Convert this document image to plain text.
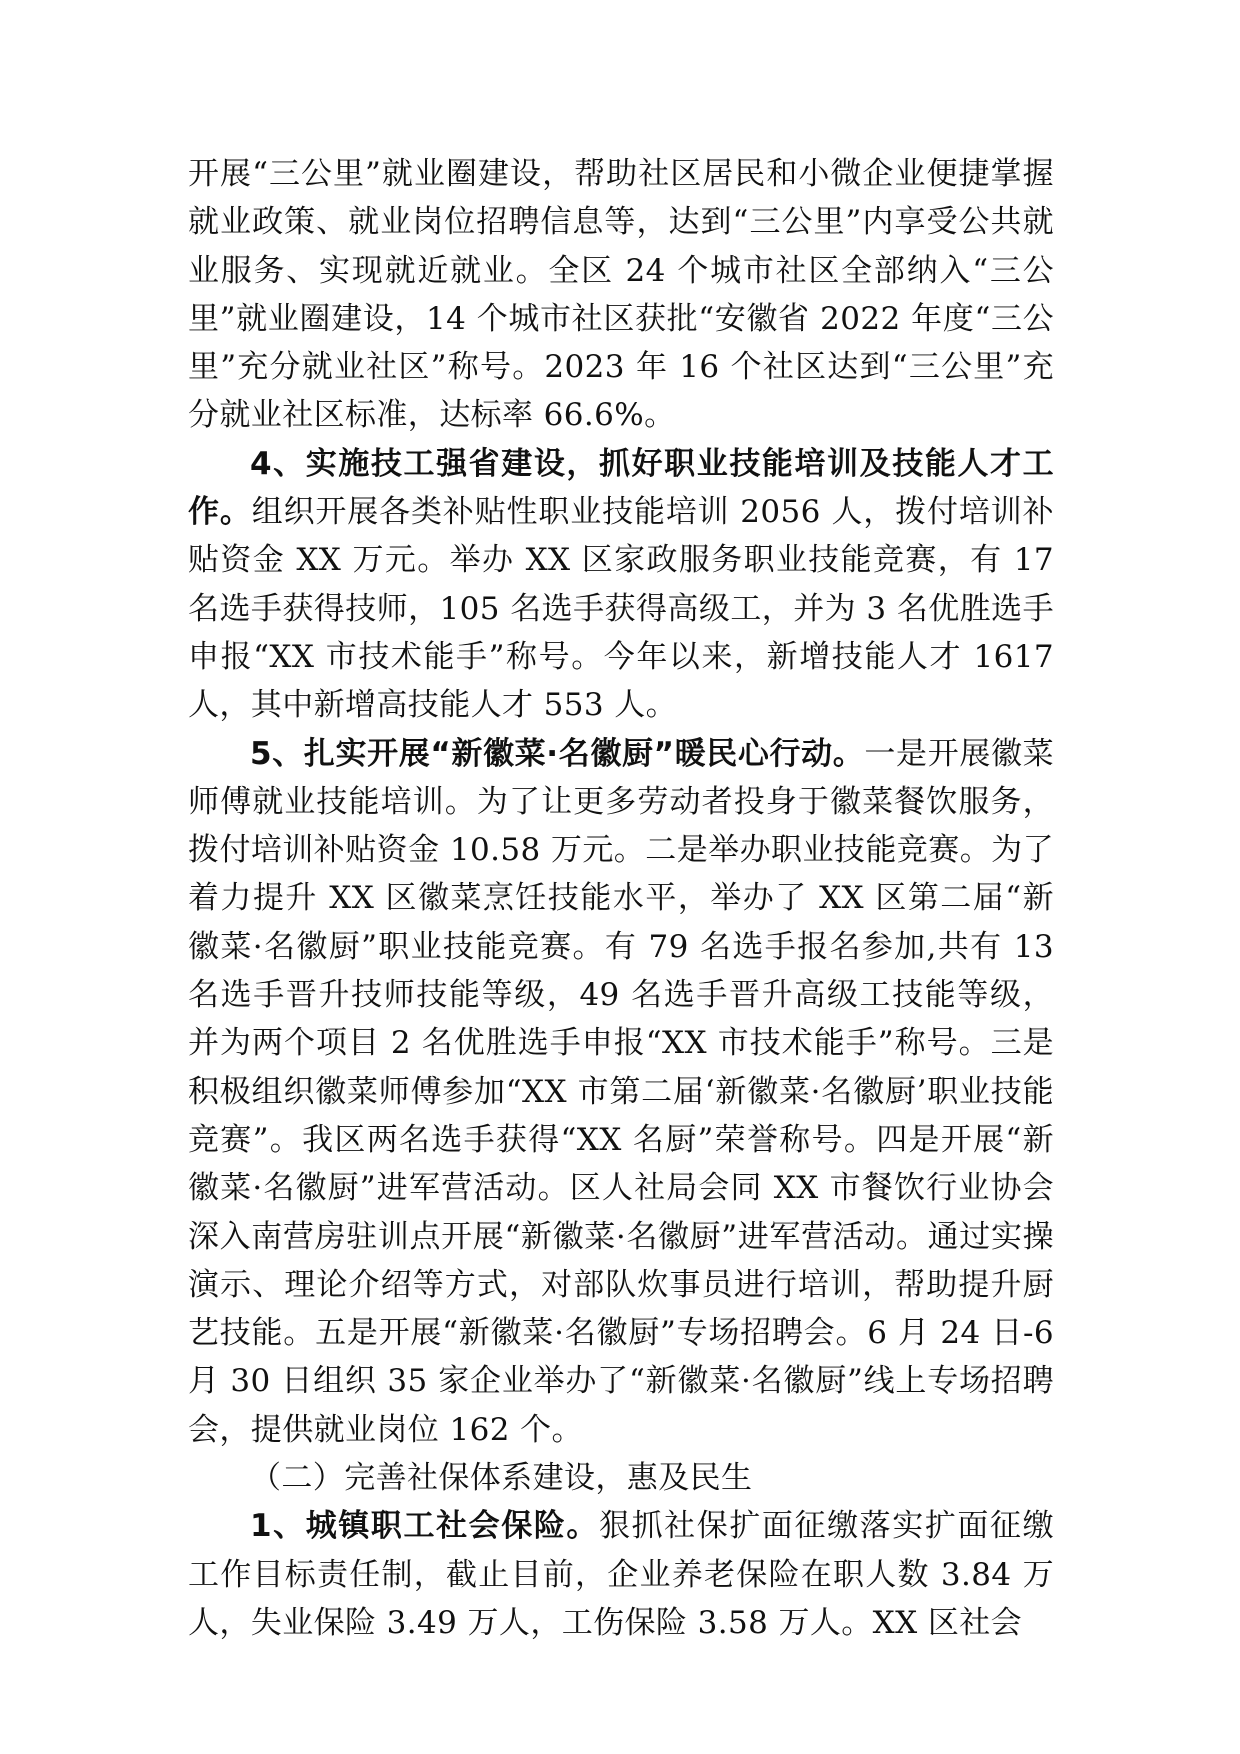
开展“三公里”就业圈建设，帮助社区居民和小微企业便捷掌握就业政策、就业岗位招聘信息等，达到“三公里”内享受公共就业服务、实现就近就业。全区 24 个城市社区全部纳入“三公里”就业圈建设，14 个城市社区获批“安徽省 2022 年度“三公里”充分就业社区”称号。2023 年 16 个社区达到“三公里”充分就业社区标准，达标率 66.6%。

4、实施技工强省建设，抓好职业技能培训及技能人才工作。组织开展各类补贴性职业技能培训 2056 人，拨付培训补贴资金 XX 万元。举办 XX 区家政服务职业技能竞赛，有 17 名选手获得技师，105 名选手获得高级工，并为 3 名优胜选手申报“XX 市技术能手”称号。今年以来，新增技能人才 1617 人，其中新增高技能人才 553 人。

5、扎实开展“新徽菜·名徽厨”暖民心行动。一是开展徽菜师傅就业技能培训。为了让更多劳动者投身于徽菜餐饮服务，拨付培训补贴资金 10.58 万元。二是举办职业技能竞赛。为了着力提升 XX 区徽菜烹饪技能水平，举办了 XX 区第二届“新徽菜·名徽厨”职业技能竞赛。有 79 名选手报名参加,共有 13 名选手晋升技师技能等级，49 名选手晋升高级工技能等级，并为两个项目 2 名优胜选手申报“XX 市技术能手”称号。三是积极组织徽菜师傅参加“XX 市第二届‘新徽菜·名徽厨’职业技能竞赛”。我区两名选手获得“XX 名厨”荣誉称号。四是开展“新徽菜·名徽厨”进军营活动。区人社局会同 XX 市餐饮行业协会深入南营房驻训点开展“新徽菜·名徽厨”进军营活动。通过实操演示、理论介绍等方式，对部队炊事员进行培训，帮助提升厨艺技能。五是开展“新徽菜·名徽厨”专场招聘会。6 月 24 日-6 月 30 日组织 35 家企业举办了“新徽菜·名徽厨”线上专场招聘会，提供就业岗位 162 个。

（二）完善社保体系建设，惠及民生

1、城镇职工社会保险。狠抓社保扩面征缴落实扩面征缴工作目标责任制，截止目前，企业养老保险在职人数 3.84 万人，失业保险 3.49 万人，工伤保险 3.58 万人。XX 区社会
